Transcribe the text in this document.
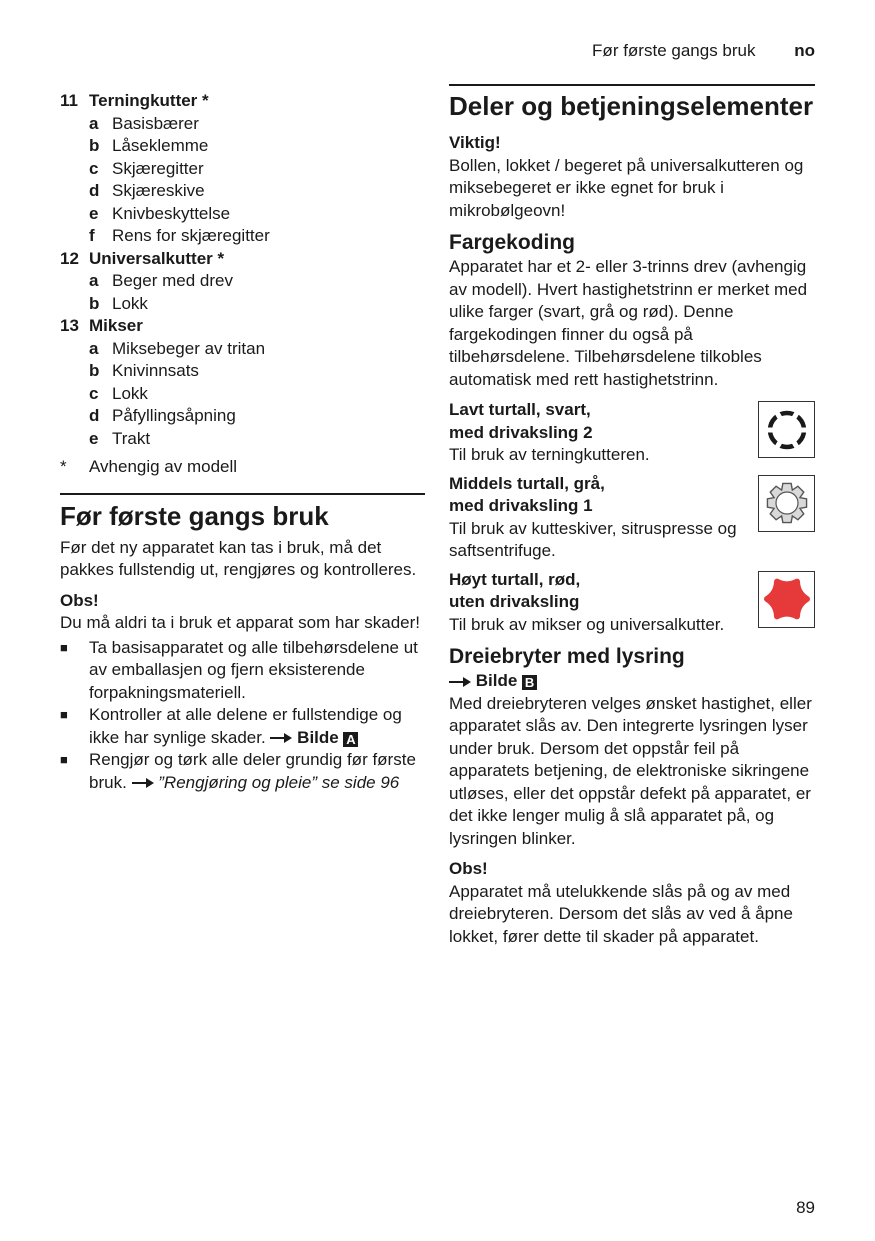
Før første gangs bruk no
11 Terningkutter *
a Basisbærer
b Låseklemme
c Skjæregitter
d Skjæreskive
e Knivbeskyttelse
f	Rens for skjæregitter
12 Universalkutter *
a Beger med drev
b Lokk
13 Mikser
a Miksebeger av tritan
b Knivinnsats
c Lokk
d Påfyllingsåpning
e Trakt
*	Avhengig av modell
Før første gangs bruk

Før det ny apparatet kan tas i bruk, må det pakkes fullstendig ut, rengjøres og kontrolleres.

Obs!

Du må aldri ta i bruk et apparat som har skader!

■	Ta basisapparatet og alle tilbehørsdelene ut av emballasjen og fjern eksisterende forpakningsmateriell.
■	Kontroller at alle delene er fullstendige og ikke har synlige skader. Bilde A
■	Rengjør og tørk alle deler grundig før første bruk. ”Rengjøring og pleie” se side 96
Deler og betjeningselementer

Viktig!

Bollen, lokket / begeret på universalkutteren og miksebegeret er ikke egnet for bruk i mikrobølgeovn!

Fargekoding

Apparatet har et 2- eller 3-trinns drev (avhengig av modell). Hvert hastighetstrinn er merket med ulike farger (svart, grå og rød). Denne fargekodingen finner du også på tilbehørsdelene. Tilbehørsdelene tilkobles automatisk med rett hastighetstrinn.

Lavt turtall, svart,

med drivaksling 2

Til bruk av terningkutteren.

Middels turtall, grå,

med drivaksling 1

Til bruk av kutteskiver, sitruspresse og saftsentrifuge.

Høyt turtall, rød,

uten drivaksling

Til bruk av mikser og universalkutter.

Dreiebryter med lysring

Bilde B

Med dreiebryteren velges ønsket hastighet, eller apparatet slås av. Den integrerte lysringen lyser under bruk. Dersom det oppstår feil på apparatets betjening, de elektroniske sikringene utløses, eller det oppstår defekt på apparatet, er det ikke lenger mulig å slå apparatet på, og lysringen blinker.

Obs!

Apparatet må utelukkende slås på og av med dreiebryteren. Dersom det slås av ved å åpne lokket, fører dette til skader på apparatet.

89
